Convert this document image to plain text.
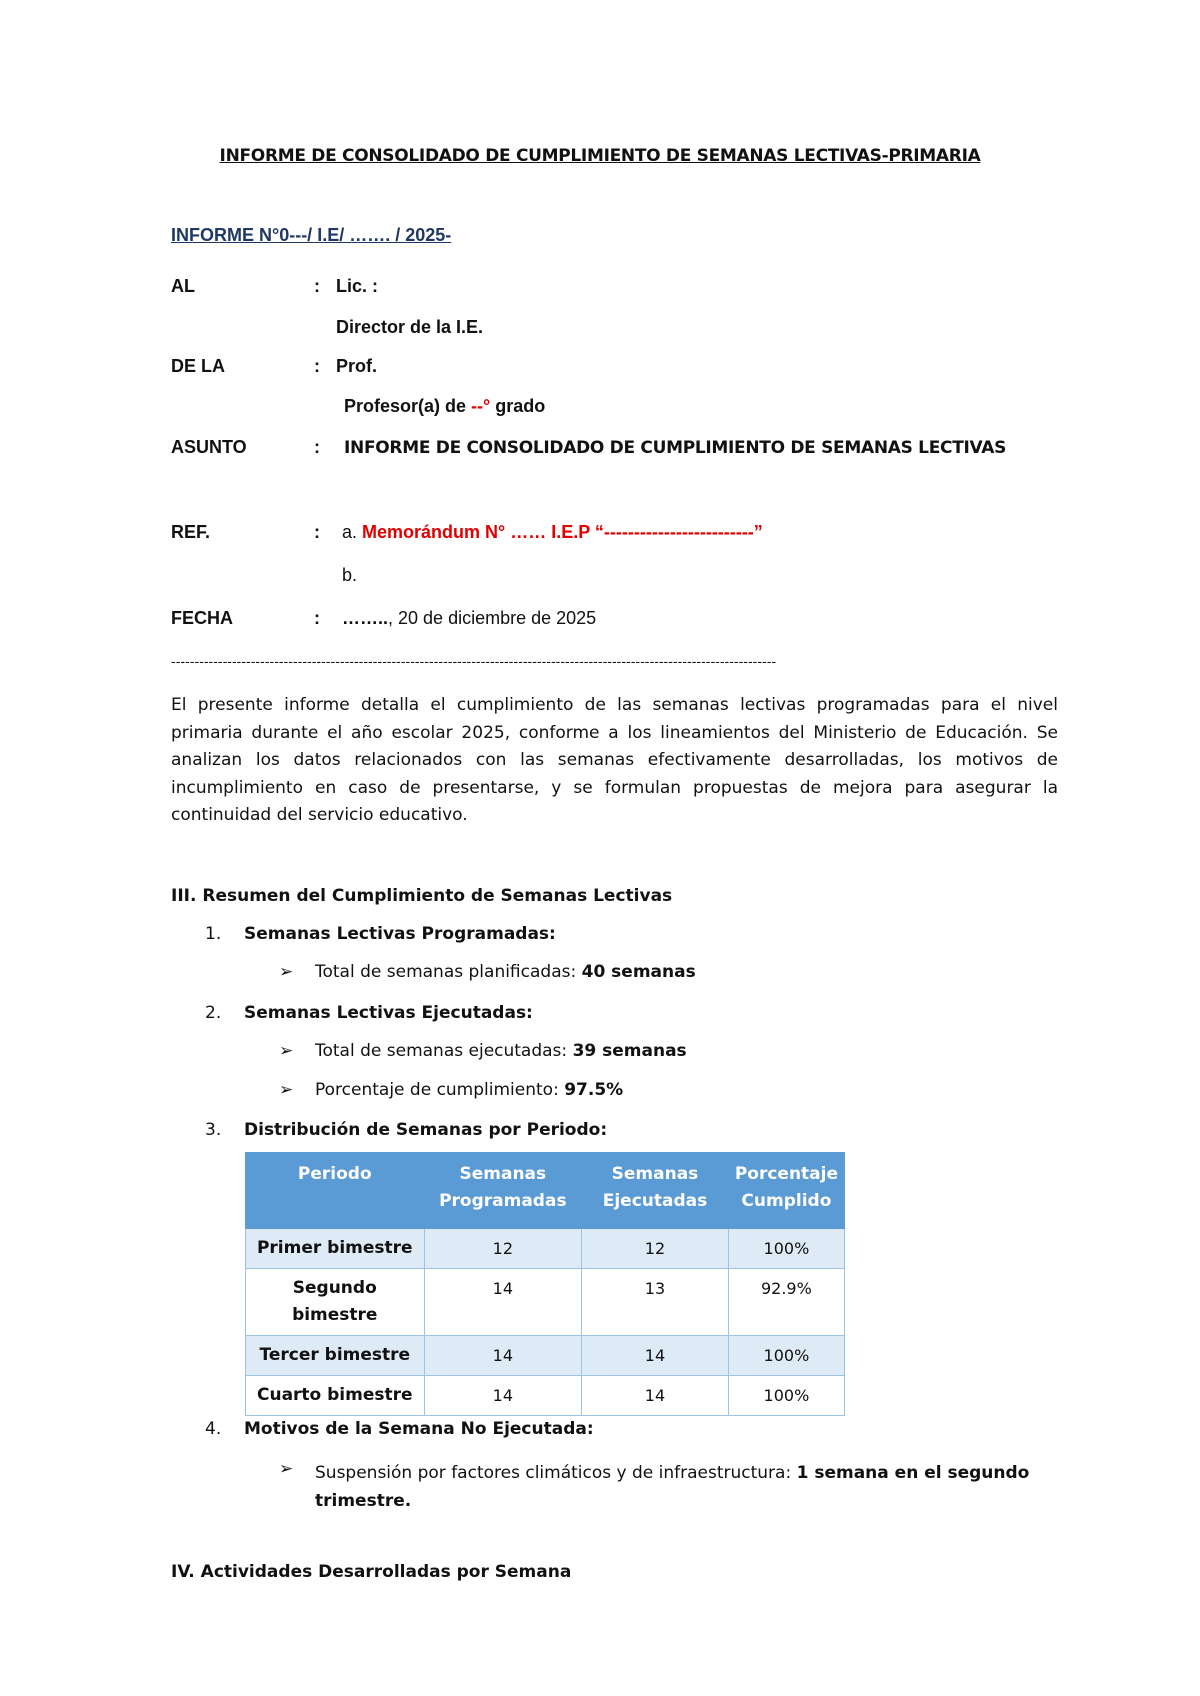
INFORME DE CONSOLIDADO DE CUMPLIMIENTO DE SEMANAS LECTIVAS-PRIMARIA
INFORME N°0---/ I.E/ ……. / 2025-
AL	: Lic. :
Director de la I.E.
DE LA	: Prof.
Profesor(a) de --° grado
ASUNTO	: INFORME DE CONSOLIDADO DE CUMPLIMIENTO DE SEMANAS LECTIVAS
REF.	: a. Memorándum N° …… I.E.P “-------------------------”
b.
FECHA	: …….., 20 de diciembre de 2025
---------------------------------------------------------------------------------------------------------------------------------
El presente informe detalla el cumplimiento de las semanas lectivas programadas para el nivel primaria durante el año escolar 2025, conforme a los lineamientos del Ministerio de Educación. Se analizan los datos relacionados con las semanas efectivamente desarrolladas, los motivos de incumplimiento en caso de presentarse, y se formulan propuestas de mejora para asegurar la continuidad del servicio educativo.
III. Resumen del Cumplimiento de Semanas Lectivas
1. Semanas Lectivas Programadas:
➢ Total de semanas planificadas: 40 semanas
2. Semanas Lectivas Ejecutadas:
➢ Total de semanas ejecutadas: 39 semanas
➢ Porcentaje de cumplimiento: 97.5%
3. Distribución de Semanas por Periodo:
Periodo	Semanas Programadas	Semanas Ejecutadas	Porcentaje Cumplido
Primer bimestre	12	12	100%
Segundo bimestre	14	13	92.9%
Tercer bimestre	14	14	100%
Cuarto bimestre	14	14	100%
4. Motivos de la Semana No Ejecutada:
➢ Suspensión por factores climáticos y de infraestructura: 1 semana en el segundo
trimestre.
IV. Actividades Desarrolladas por Semana
